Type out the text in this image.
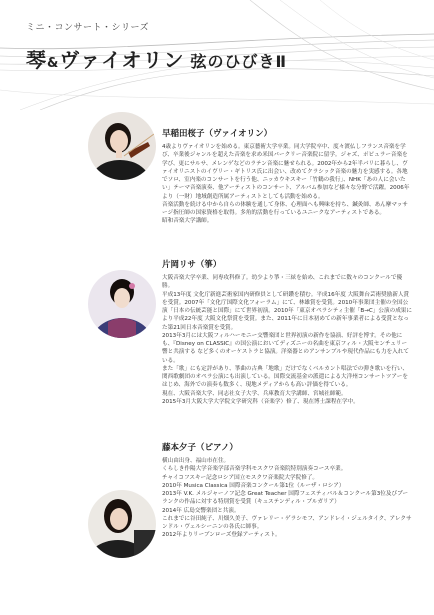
ミニ・コンサート・シリーズ
琴&ヴァイオリン 弦のひびきⅡ
早稲田桜子（ヴァイオリン）

4歳よりヴァイオリンを始める。東京藝術大学卒業。同大学院卒中、度々渡仏しフランス音楽を学び、卒業後ジャンルを超えた音楽を求め米国バークリー音楽院に留学。ジャズ、ポピュラー音楽を学び、更にサルサ、メレンゲなどのラテン音楽に魅せられる。2002年から2年半パリに暮らし、ヴァイオリニストのイヴリー・ギトリス氏に出会い、改めてクラシック音楽の魅力を実感する。各地でソロ、室内楽のコンサートを行う他、ニッカウキスキー「竹鶴の我行」、NHK「あの人に会いたい」テーマ音楽演奏、他アーティストのコンサート、アルバム参加など様々な分野で活躍。2006年より（一財）地域創造所属アーティストとしても活動を始める。

音楽活動を続ける中から自らの体験を通して身体、心理面へも興味を持ち、鍼灸師、あん摩マッサージ指圧師の国家資格を取得。多角的活動を行っているユニークなアーティストである。

昭和音楽大学講師。

片岡リサ（箏）

大阪音楽大学卒業、同専攻科修了。幼少より箏・三絃を始め、これまでに数々のコンクールで優勝。

平成13年度 文化庁新進芸術家国内研修員として研鑽を積む。平成16年度 大阪舞台芸術奨励新人賞を受賞。2007年「文化庁国際文化フォーラム」にて、林雄賞を受賞。2010年事業団主催の全国公演「日本の伝統芸能と国際」にて世界初演。2010年「東京オペラシティ主催「B→C」公演の成果により平成22年度 大阪文化祭賞を受賞。また、2011年に日本初めての新年事業者による受賞となった第21回日本音楽賞を受賞。

2013年3月には大阪フィルハーモニー交響楽団と世界初演の新作を協演、好評を博す。その他にも、『Disney on CLASSIC』の国公演においてディズニーの名曲を東京フィル・大阪センチュリー響と共演する など多くのオーケストラと協演。洋楽器とのアンサンブルや現代作品にも力を入れている。

また「歌」にも定評があり、箏曲の古典「地歌」だけでなくベルカント唱法での弾き歌いを行い、関西歌劇団のオペラ公演にも出演している。国際交流基金の派遣による大洋州コンサートツアーをはじめ、海外での演奏も数多く、現地メディアからも高い評価を得ている。

現在、大阪音楽大学、同志社女子大学、兵庫教育大学講師、宮城社師範。

2015年3月大阪大学大学院文学研究科（音楽学）修了、現在博士課程在学中。

藤本夕子（ピアノ）

横山由出身、福山市在住。

くらしき作陽大学音楽学部音楽学科モスクワ音楽院特別演奏コース卒業。

チャイコフスキー記念ロシア国立モスクワ音楽院大学院修了。

2010年 Musica Classica 国際音楽コンクール第1位（ルーザ・ロシア）

2013年 V.K. メルジャーノフ記念 Great Teacher 国際フェスティバル＆コンクール第3位及びプーランクの作品に対する特別賞を受賞（キュステンディル・ブルガリア）

2014年 広島交響楽団と共演。

これまでに谷田純子、川畑久美子、ヴァレリー・ゲラシモフ、アンドレイ・ジェルタイク、アレクサンドル・ヴェルシーニンの各氏に師事。

2012年よりリーブンローズ登録アーティスト。
